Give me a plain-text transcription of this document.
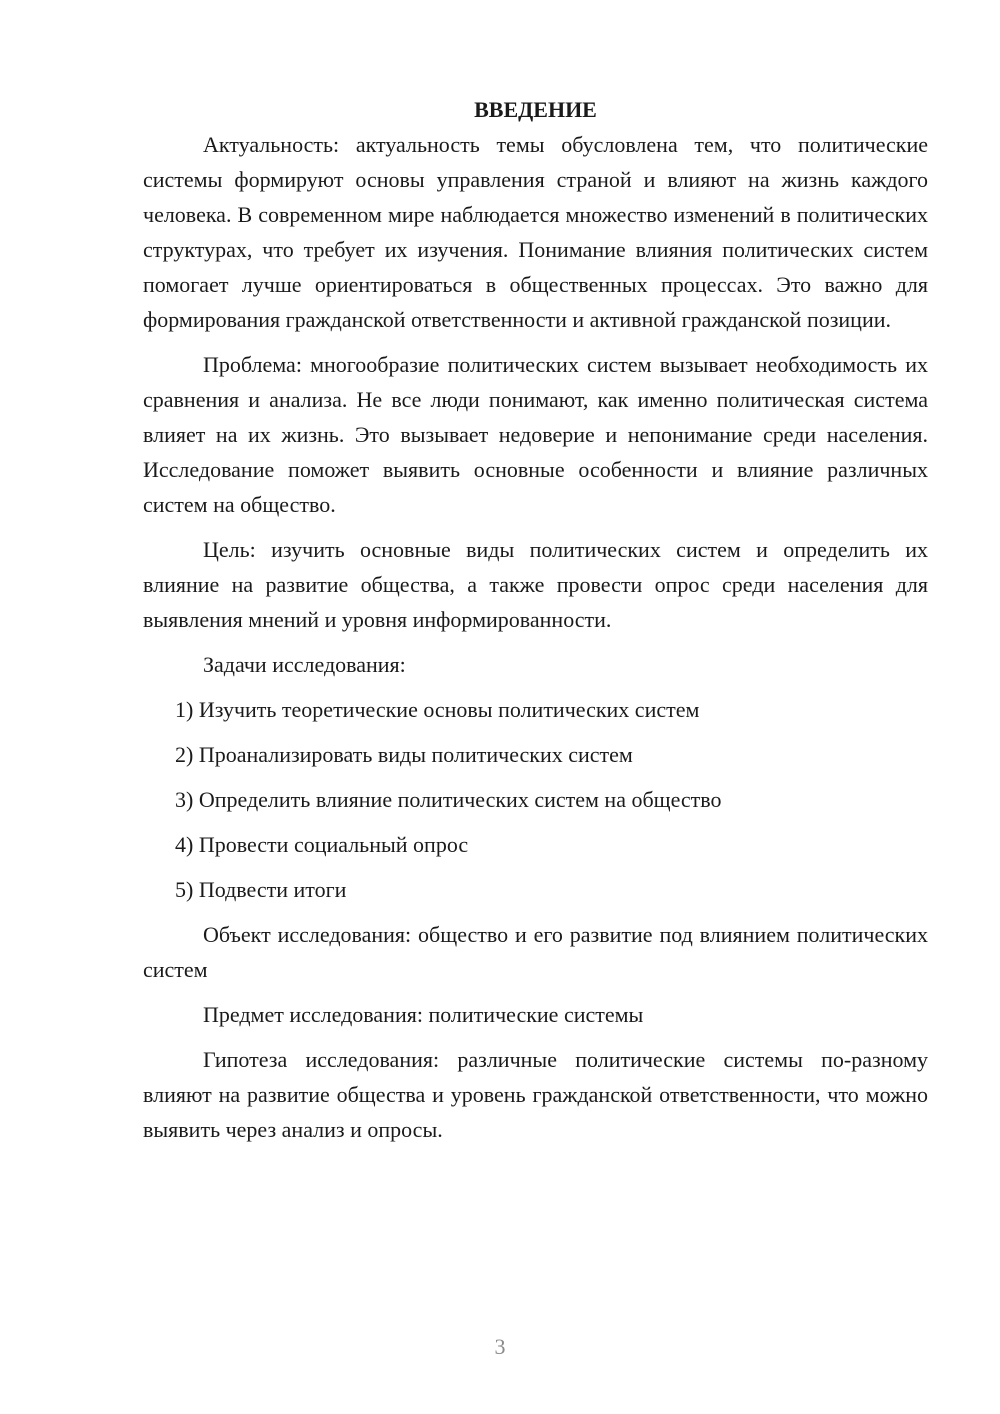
ВВЕДЕНИЕ

Актуальность: актуальность темы обусловлена тем, что политические системы формируют основы управления страной и влияют на жизнь каждого человека. В современном мире наблюдается множество изменений в политических структурах, что требует их изучения. Понимание влияния политических систем помогает лучше ориентироваться в общественных процессах. Это важно для формирования гражданской ответственности и активной гражданской позиции.

Проблема: многообразие политических систем вызывает необходимость их сравнения и анализа. Не все люди понимают, как именно политическая система влияет на их жизнь. Это вызывает недоверие и непонимание среди населения. Исследование поможет выявить основные особенности и влияние различных систем на общество.

Цель: изучить основные виды политических систем и определить их влияние на развитие общества, а также провести опрос среди населения для выявления мнений и уровня информированности.

Задачи исследования:

1) Изучить теоретические основы политических систем
2) Проанализировать виды политических систем
3) Определить влияние политических систем на общество
4) Провести социальный опрос
5) Подвести итоги

Объект исследования: общество и его развитие под влиянием политических систем

Предмет исследования: политические системы

Гипотеза исследования: различные политические системы по-разному влияют на развитие общества и уровень гражданской ответственности, что можно выявить через анализ и опросы.

3
